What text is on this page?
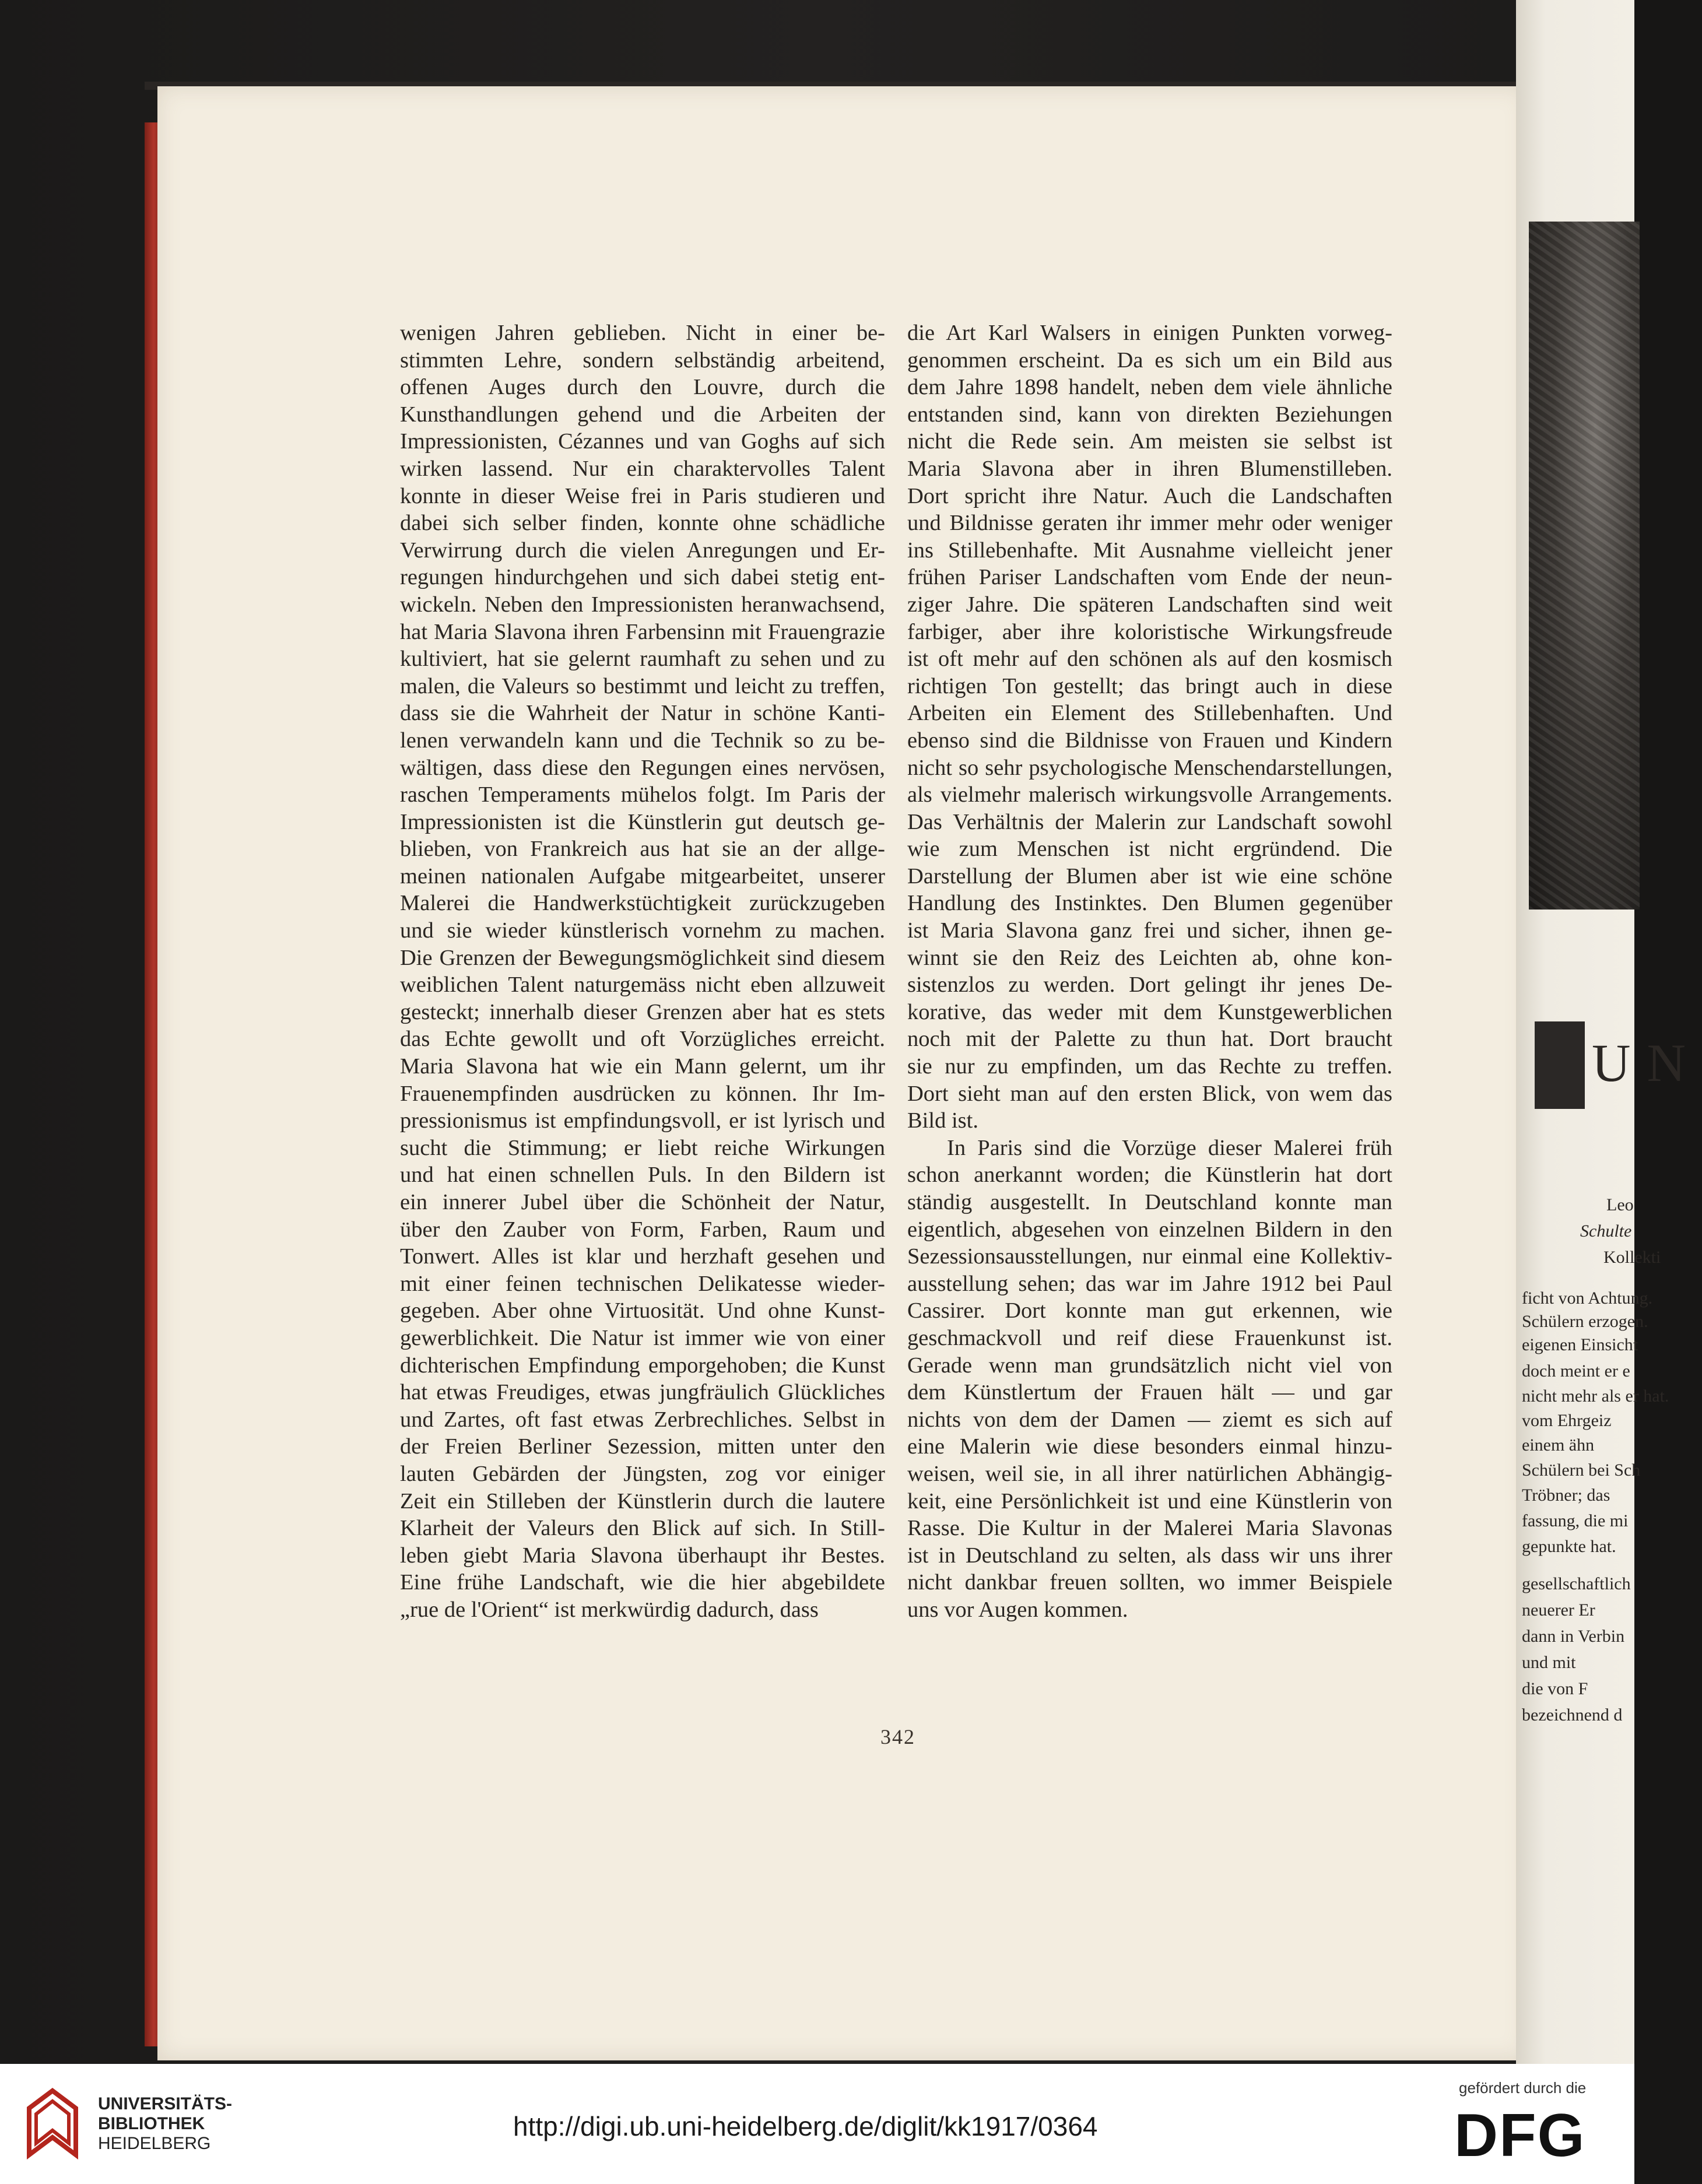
wenigen Jahren geblieben. Nicht in einer be-
stimmten Lehre, sondern selbständig arbeitend,
offenen Auges durch den Louvre, durch die
Kunsthandlungen gehend und die Arbeiten der
Impressionisten, Cézannes und van Goghs auf sich
wirken lassend. Nur ein charaktervolles Talent
konnte in dieser Weise frei in Paris studieren und
dabei sich selber finden, konnte ohne schädliche
Verwirrung durch die vielen Anregungen und Er-
regungen hindurchgehen und sich dabei stetig ent-
wickeln. Neben den Impressionisten heranwachsend,
hat Maria Slavona ihren Farbensinn mit Frauengrazie
kultiviert, hat sie gelernt raumhaft zu sehen und zu
malen, die Valeurs so bestimmt und leicht zu treffen,
dass sie die Wahrheit der Natur in schöne Kanti-
lenen verwandeln kann und die Technik so zu be-
wältigen, dass diese den Regungen eines nervösen,
raschen Temperaments mühelos folgt. Im Paris der
Impressionisten ist die Künstlerin gut deutsch ge-
blieben, von Frankreich aus hat sie an der allge-
meinen nationalen Aufgabe mitgearbeitet, unserer
Malerei die Handwerkstüchtigkeit zurückzugeben
und sie wieder künstlerisch vornehm zu machen.
Die Grenzen der Bewegungsmöglichkeit sind diesem
weiblichen Talent naturgemäss nicht eben allzuweit
gesteckt; innerhalb dieser Grenzen aber hat es stets
das Echte gewollt und oft Vorzügliches erreicht.
Maria Slavona hat wie ein Mann gelernt, um ihr
Frauenempfinden ausdrücken zu können. Ihr Im-
pressionismus ist empfindungsvoll, er ist lyrisch und
sucht die Stimmung; er liebt reiche Wirkungen
und hat einen schnellen Puls. In den Bildern ist
ein innerer Jubel über die Schönheit der Natur,
über den Zauber von Form, Farben, Raum und
Tonwert. Alles ist klar und herzhaft gesehen und
mit einer feinen technischen Delikatesse wieder-
gegeben. Aber ohne Virtuosität. Und ohne Kunst-
gewerblichkeit. Die Natur ist immer wie von einer
dichterischen Empfindung emporgehoben; die Kunst
hat etwas Freudiges, etwas jungfräulich Glückliches
und Zartes, oft fast etwas Zerbrechliches. Selbst in
der Freien Berliner Sezession, mitten unter den
lauten Gebärden der Jüngsten, zog vor einiger
Zeit ein Stilleben der Künstlerin durch die lautere
Klarheit der Valeurs den Blick auf sich. In Still-
leben giebt Maria Slavona überhaupt ihr Bestes.
Eine frühe Landschaft, wie die hier abgebildete
„rue de l'Orient“ ist merkwürdig dadurch, dass
die Art Karl Walsers in einigen Punkten vorweg-
genommen erscheint. Da es sich um ein Bild aus
dem Jahre 1898 handelt, neben dem viele ähnliche
entstanden sind, kann von direkten Beziehungen
nicht die Rede sein. Am meisten sie selbst ist
Maria Slavona aber in ihren Blumenstilleben.
Dort spricht ihre Natur. Auch die Landschaften
und Bildnisse geraten ihr immer mehr oder weniger
ins Stillebenhafte. Mit Ausnahme vielleicht jener
frühen Pariser Landschaften vom Ende der neun-
ziger Jahre. Die späteren Landschaften sind weit
farbiger, aber ihre koloristische Wirkungsfreude
ist oft mehr auf den schönen als auf den kosmisch
richtigen Ton gestellt; das bringt auch in diese
Arbeiten ein Element des Stillebenhaften. Und
ebenso sind die Bildnisse von Frauen und Kindern
nicht so sehr psychologische Menschendarstellungen,
als vielmehr malerisch wirkungsvolle Arrangements.
Das Verhältnis der Malerin zur Landschaft sowohl
wie zum Menschen ist nicht ergründend. Die
Darstellung der Blumen aber ist wie eine schöne
Handlung des Instinktes. Den Blumen gegenüber
ist Maria Slavona ganz frei und sicher, ihnen ge-
winnt sie den Reiz des Leichten ab, ohne kon-
sistenzlos zu werden. Dort gelingt ihr jenes De-
korative, das weder mit dem Kunstgewerblichen
noch mit der Palette zu thun hat. Dort braucht
sie nur zu empfinden, um das Rechte zu treffen.
Dort sieht man auf den ersten Blick, von wem das
Bild ist.
In Paris sind die Vorzüge dieser Malerei früh
schon anerkannt worden; die Künstlerin hat dort
ständig ausgestellt. In Deutschland konnte man
eigentlich, abgesehen von einzelnen Bildern in den
Sezessionsausstellungen, nur einmal eine Kollektiv-
ausstellung sehen; das war im Jahre 1912 bei Paul
Cassirer. Dort konnte man gut erkennen, wie
geschmackvoll und reif diese Frauenkunst ist.
Gerade wenn man grundsätzlich nicht viel von
dem Künstlertum der Frauen hält — und gar
nichts von dem der Damen — ziemt es sich auf
eine Malerin wie diese besonders einmal hinzu-
weisen, weil sie, in all ihrer natürlichen Abhängig-
keit, eine Persönlichkeit ist und eine Künstlerin von
Rasse. Die Kultur in der Malerei Maria Slavonas
ist in Deutschland zu selten, als dass wir uns ihrer
nicht dankbar freuen sollten, wo immer Beispiele
uns vor Augen kommen.
342
UN
Leo
Schulte
Kollekti
ficht von Achtung.
Schülern erzogen.
eigenen Einsicht
doch meint er e
nicht mehr als er hat.
vom Ehrgeiz
einem ähn
Schülern bei Sch
Tröbner; das
fassung, die mi
gepunkte hat.
gesellschaftlich
neuerer Er
dann in Verbin
und mit
die von F
bezeichnend d
UNIVERSITÄTS-
BIBLIOTHEK
HEIDELBERG
http://digi.ub.uni-heidelberg.de/diglit/kk1917/0364
gefördert durch die
DFG
